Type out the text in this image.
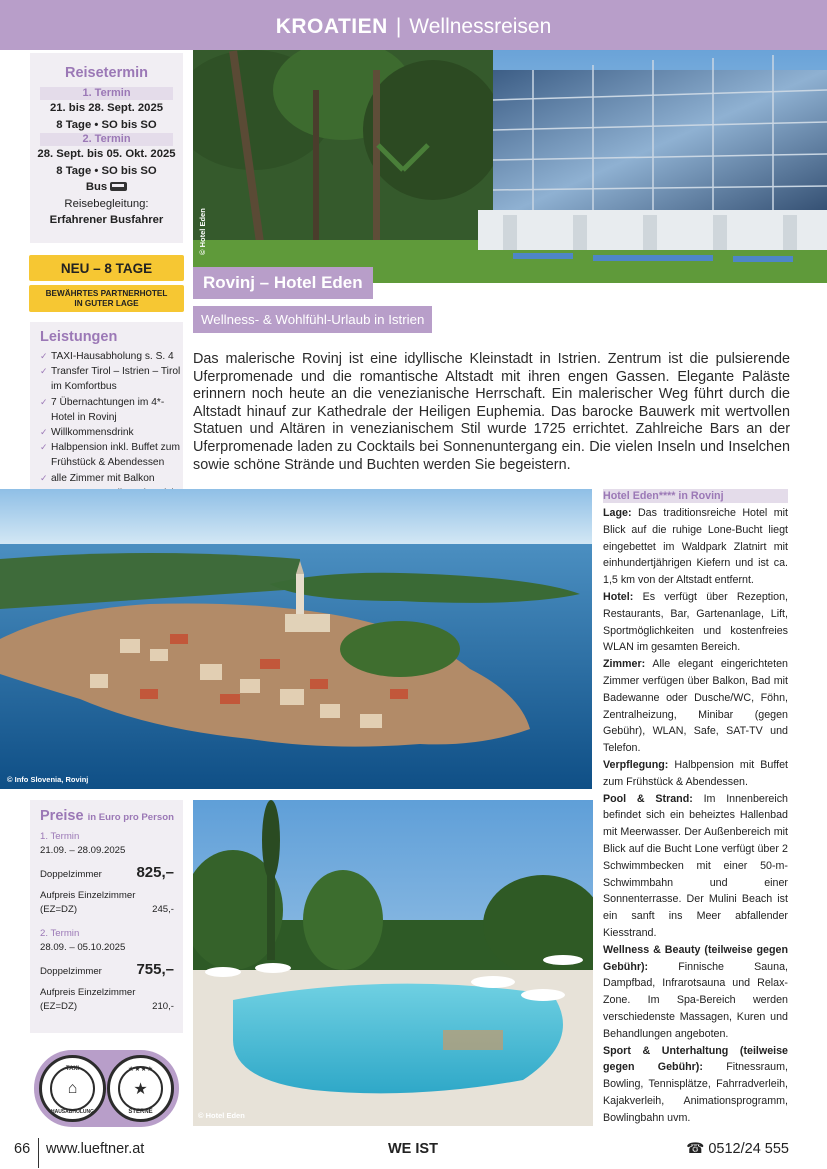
KROATIEN | Wellnessreisen
Reisetermin
1. Termin
21. bis 28. Sept. 2025
8 Tage • SO bis SO
2. Termin
28. Sept. bis 05. Okt. 2025
8 Tage • SO bis SO
Bus
Reisebegleitung:
Erfahrener Busfahrer
NEU – 8 TAGE
BEWÄHRTES PARTNERHOTEL
IN GUTER LAGE
Leistungen
✓ TAXI-Hausabholung s. S. 4
✓ Transfer Tirol – Istrien – Tirol im Komfortbus
✓ 7 Übernachtungen im 4*-Hotel in Rovinj
✓ Willkommensdrink
✓ Halbpension inkl. Buffet zum Frühstück & Abendessen
✓ alle Zimmer mit Balkon
✓
© Hotel Eden
Rovinj – Hotel Eden
Wellness- & Wohlfühl-Urlaub in Istrien
Das malerische Rovinj ist eine idyllische Kleinstadt in Istrien. Zentrum ist die pulsierende Uferpromenade und die romantische Altstadt mit ihren engen Gassen. Elegante Paläste erinnern noch heute an die venezianische Herrschaft. Ein malerischer Weg führt durch die Altstadt hinauf zur Kathedrale der Heiligen Euphemia. Das barocke Bauwerk mit wertvollen Statuen und Altären in venezianischem Stil wurde 1725 errichtet. Zahlreiche Bars an der Uferpromenade laden zu Cocktails bei Sonnenuntergang ein. Die vielen Inseln und Inselchen sowie schöne Strände und Buchten werden Sie begeistern.
© Info Slovenia, Rovinj
Hotel Eden**** in Rovinj
Lage: Das traditionsreiche Hotel mit Blick auf die ruhige Lone-Bucht liegt eingebettet im Waldpark Zlatnirt mit einhundertjährigen Kiefern und ist ca. 1,5 km von der Altstadt entfernt.
Hotel: Es verfügt über Rezeption, Restaurants, Bar, Gartenanlage, Lift, Sportmöglichkeiten und kostenfreies WLAN im gesamten Bereich.
Zimmer: Alle elegant eingerichteten Zimmer verfügen über Balkon, Bad mit Badewanne oder Dusche/WC, Föhn, Zentralheizung, Minibar (gegen Gebühr), WLAN, Safe, SAT-TV und Telefon.
Verpflegung: Halbpension mit Buffet zum Frühstück & Abendessen.
Pool & Strand: Im Innenbereich befindet sich ein beheiztes Hallenbad mit Meerwasser. Der Außenbereich mit Blick auf die Bucht Lone verfügt über 2 Schwimmbecken mit einer 50-m-Schwimmbahn und einer Sonnenterrasse. Der Mulini Beach ist ein sanft ins Meer abfallender Kiesstrand.
Wellness & Beauty (teilweise gegen Gebühr):	Finnische Sauna, Dampfbad, Infrarotsauna und Relax-Zone. Im Spa-Bereich werden verschiedenste Massagen, Kuren und Behandlungen angeboten.
Sport & Unterhaltung (teilweise gegen Gebühr): Fitnessraum, Bowling, Tennisplätze, Fahrradverleih, Kajakverleih, Animationsprogramm, Bowlingbahn uvm.
Preise in Euro pro Person
1. Termin
21.09. – 28.09.2025
Doppelzimmer 825,–
Aufpreis Einzelzimmer
(EZ=DZ)	245,-
2. Termin
28.09. – 05.10.2025
Doppelzimmer 755,–
Aufpreis Einzelzimmer
(EZ=DZ)	210,-
TAXI
⌂
HAUSABHOLUNG
★★★★
★
STERNE	© Hotel Eden
66 www.lueftner.at	WE IST	☎ 0512/24 555
